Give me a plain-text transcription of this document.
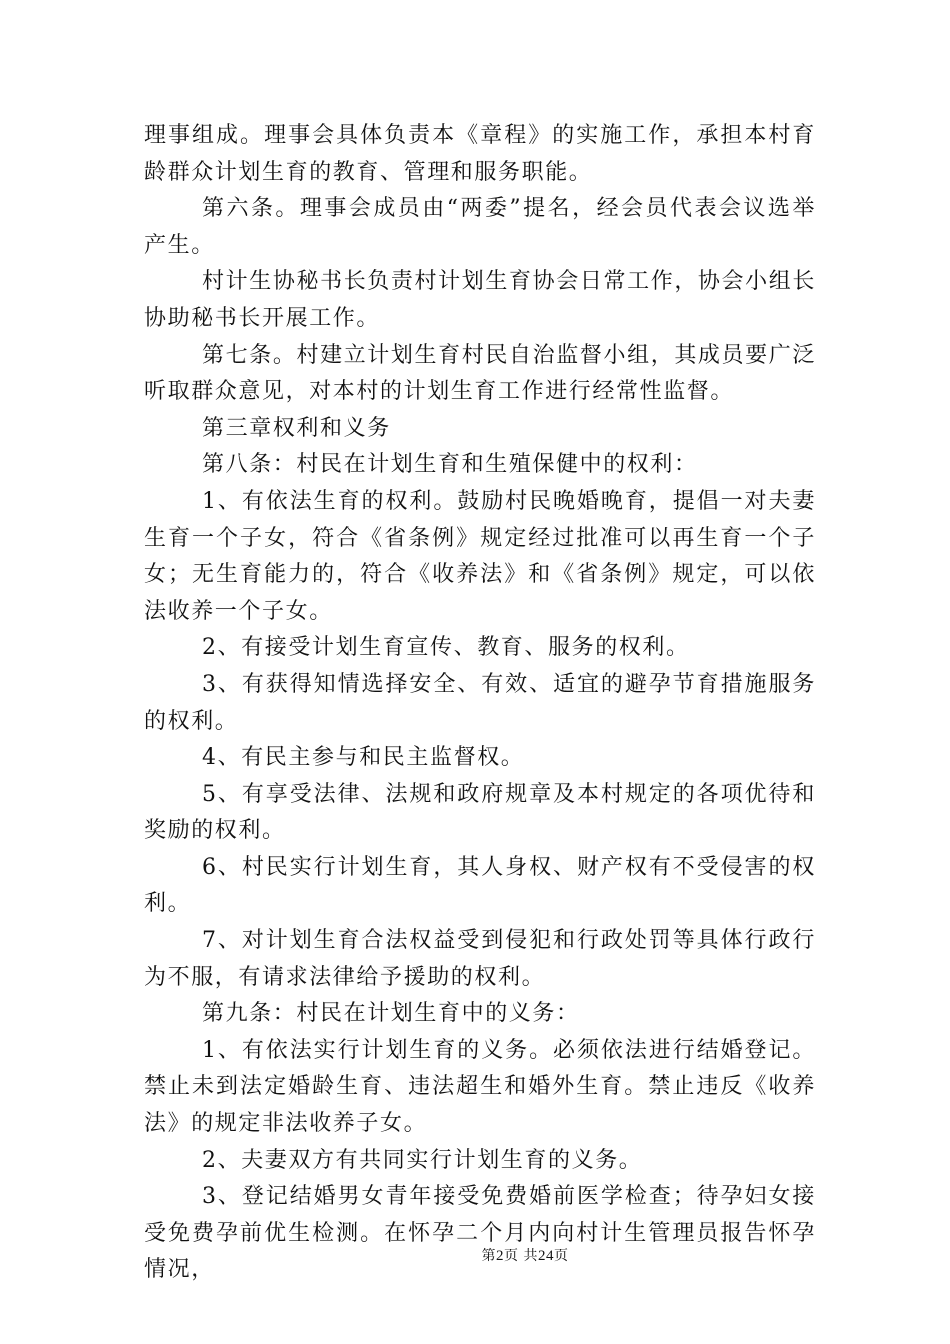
理事组成。理事会具体负责本《章程》的实施工作，承担本村育龄群众计划生育的教育、管理和服务职能。

第六条。理事会成员由“两委”提名，经会员代表会议选举产生。

村计生协秘书长负责村计划生育协会日常工作，协会小组长协助秘书长开展工作。

第七条。村建立计划生育村民自治监督小组，其成员要广泛听取群众意见，对本村的计划生育工作进行经常性监督。

第三章权利和义务

第八条：村民在计划生育和生殖保健中的权利：

1、有依法生育的权利。鼓励村民晚婚晚育，提倡一对夫妻生育一个子女，符合《省条例》规定经过批准可以再生育一个子女；无生育能力的，符合《收养法》和《省条例》规定，可以依法收养一个子女。

2、有接受计划生育宣传、教育、服务的权利。

3、有获得知情选择安全、有效、适宜的避孕节育措施服务的权利。

4、有民主参与和民主监督权。

5、有享受法律、法规和政府规章及本村规定的各项优待和奖励的权利。

6、村民实行计划生育，其人身权、财产权有不受侵害的权利。

7、对计划生育合法权益受到侵犯和行政处罚等具体行政行为不服，有请求法律给予援助的权利。

第九条：村民在计划生育中的义务：

1、有依法实行计划生育的义务。必须依法进行结婚登记。禁止未到法定婚龄生育、违法超生和婚外生育。禁止违反《收养法》的规定非法收养子女。

2、夫妻双方有共同实行计划生育的义务。

3、登记结婚男女青年接受免费婚前医学检查；待孕妇女接受免费孕前优生检测。在怀孕二个月内向村计生管理员报告怀孕情况，

第2页 共24页
